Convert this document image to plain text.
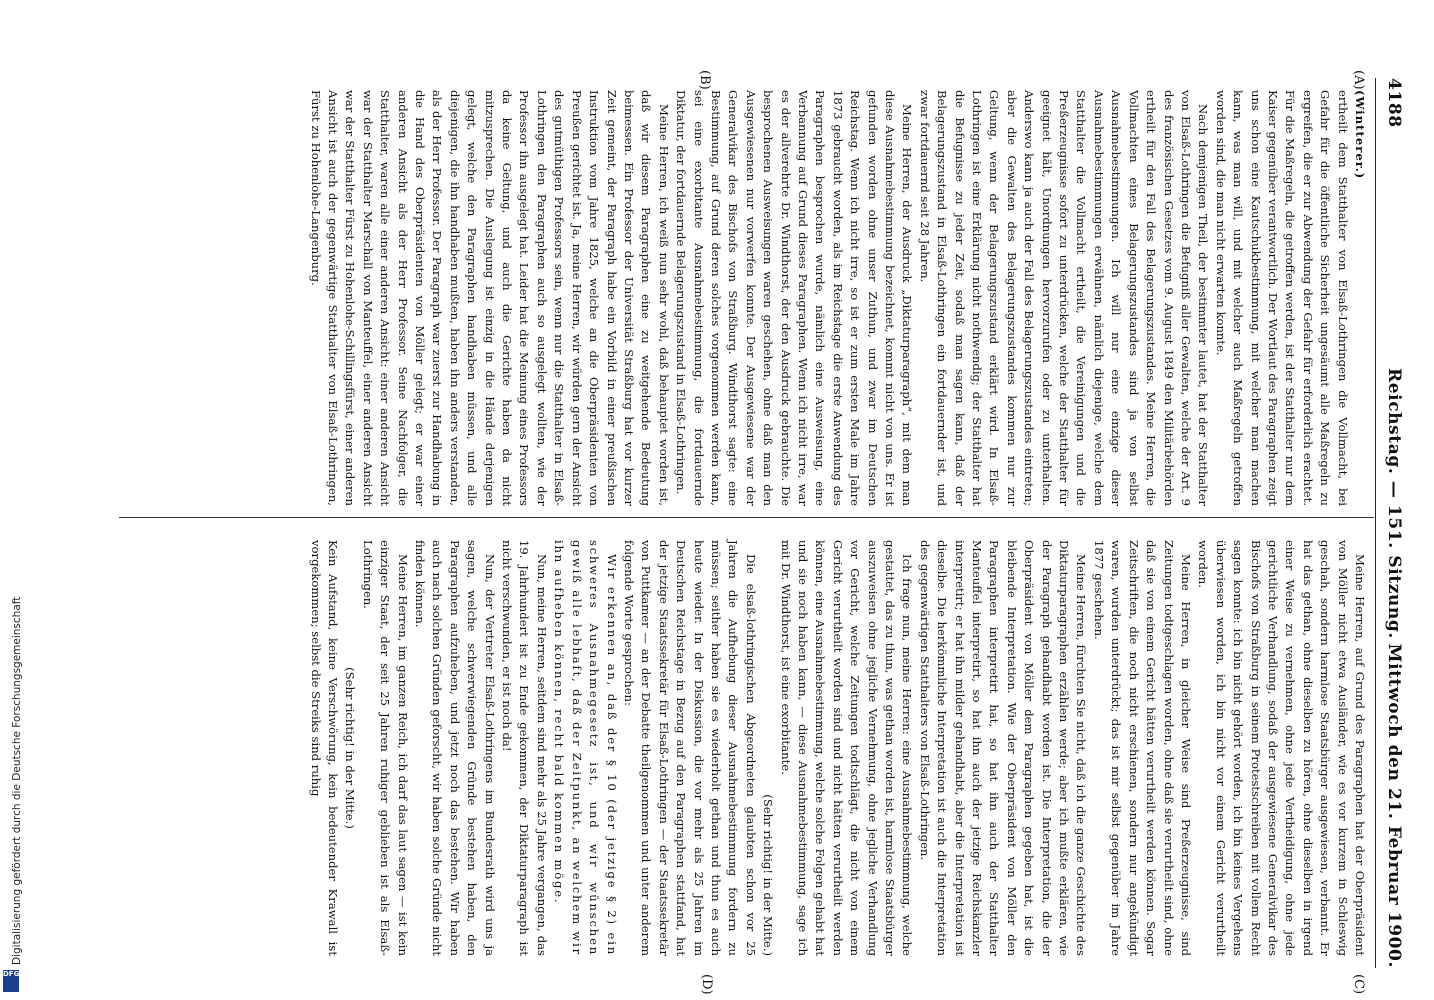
4188
Reichstag. — 151. Sitzung.
Mittwoch den 21. Februar 1900.
(A)
(B)
(C)
(D)

(Wintterer.)

ertheilt dem Statthalter von Elsaß-Lothringen die Vollmacht, bei Gefahr für die öffentliche Sicherheit ungesäumt alle Maßregeln zu ergreifen, die er zur Abwendung der Gefahr für erforderlich erachtet. Für die Maßregeln, die getroffen werden, ist der Statthalter nur dem Kaiser gegenüber verantwortlich. Der Wortlaut des Paragraphen zeigt uns schon eine Kautschukbestimmung, mit welcher man machen kann, was man will, und mit welcher auch Maßregeln getroffen worden sind, die man nicht erwarten konnte.

Nach demjenigen Theil, der bestimmter lautet, hat der Statthalter von Elsaß-Lothringen die Befugniß aller Gewalten, welche der Art. 9 des französischen Gesetzes vom 9. August 1849 den Militärbehörden ertheilt für den Fall des Belagerungszustandes. Meine Herren, die Vollmachten eines Belagerungszustandes sind ja von selbst Ausnahmebestimmungen. Ich will nur eine einzige dieser Ausnahmebestimmungen erwähnen, nämlich diejenige, welche dem Statthalter die Vollmacht ertheilt, die Vereinigungen und die Preßerzeugnisse sofort zu unterdrücken, welche der Statthalter für geeignet hält, Unordnungen hervorzurufen oder zu unterhalten. Anderswo kann ja auch der Fall des Belagerungszustandes eintreten; aber die Gewalten des Belagerungszustandes kommen nur zur Geltung, wenn der Belagerungszustand erklärt wird. In Elsaß-Lothringen ist eine Erklärung nicht nothwendig; der Statthalter hat die Befugnisse zu jeder Zeit, sodaß man sagen kann, daß der Belagerungszustand in Elsaß-Lothringen ein fortdauernder ist, und zwar fortdauernd seit 28 Jahren.

Meine Herren, der Ausdruck „Diktaturparagraph“, mit dem man diese Ausnahmebestimmung bezeichnet, kommt nicht von uns. Er ist gefunden worden ohne unser Zuthun, und zwar im Deutschen Reichstag. Wenn ich nicht irre, so ist er zum ersten Male im Jahre 1873 gebraucht worden, als im Reichstage die erste Anwendung des Paragraphen besprochen wurde, nämlich eine Ausweisung, eine Verbannung auf Grund dieses Paragraphen. Wenn ich nicht irre, war es der allverehrte Dr. Windthorst, der den Ausdruck gebrauchte. Die besprochenen Ausweisungen waren geschehen, ohne daß man den Ausgewiesenen nur vorwerfen konnte. Der Ausgewiesene war der Generalvikar des Bischofs von Straßburg. Windthorst sagte: eine Bestimmung, auf Grund deren solches vorgenommen werden kann, sei eine exorbitante Ausnahmebestimmung, die fortdauernde Diktatur, der fortdauernde Belagerungszustand in Elsaß-Lothringen.

Meine Herren, ich weiß nun sehr wohl, daß behauptet worden ist, daß wir diesem Paragraphen eine zu weitgehende Bedeutung beimessen. Ein Professor der Universität Straßburg hat vor kurzer Zeit gemeint, der Paragraph habe ein Vorbild in einer preußischen Instruktion vom Jahre 1825, welche an die Oberpräsidenten von Preußen gerichtet ist. Ja, meine Herren, wir würden gern der Ansicht des gutmüthigen Professors sein, wenn nur die Statthalter in Elsaß-Lothringen den Paragraphen auch so ausgelegt wollten, wie der Professor ihn ausgelegt hat. Leider hat die Meinung eines Professors da keine Geltung, und auch die Gerichte haben da nicht mitzusprechen. Die Auslegung ist einzig in die Hände derjenigen gelegt, welche den Paragraphen handhaben müssen, und alle diejenigen, die ihn handhaben mußten, haben ihn anders verstanden, als der Herr Professor. Der Paragraph war zuerst zur Handhabung in die Hand des Oberpräsidenten von Möller gelegt; er war einer anderen Ansicht als der Herr Professor. Seine Nachfolger, die Statthalter, waren alle einer anderen Ansicht: einer anderen Ansicht war der Statthalter Marschall von Manteuffel, einer anderen Ansicht war der Statthalter Fürst zu Hohenlohe-Schillingsfürst, einer anderen Ansicht ist auch der gegenwärtige Statthalter von Elsaß-Lothringen, Fürst zu Hohenlohe-Langenburg.

Meine Herren, auf Grund des Paragraphen hat der Oberpräsident von Möller nicht etwa Ausländer, wie es vor kurzem in Schleswig geschah, sondern harmlose Staatsbürger ausgewiesen, verbannt. Er hat das gethan, ohne dieselben zu hören, ohne dieselben in irgend einer Weise zu vernehmen, ohne jede Vertheidigung, ohne jede gerichtliche Verhandlung, sodaß der ausgewiesene Generalvikar des Bischofs von Straßburg in seinem Protestschreiben mit vollem Recht sagen konnte: ich bin nicht gehört worden, ich bin keines Vergehens überwiesen worden, ich bin nicht vor einem Gericht verurtheilt worden.

Meine Herren, in gleicher Weise sind Preßerzeugnisse, sind Zeitungen todtgeschlagen worden, ohne daß sie verurtheilt sind, ohne daß sie von einem Gericht hätten verurtheilt werden können. Sogar Zeitschriften, die noch nicht erschienen, sondern nur angekündigt waren, wurden unterdrückt; das ist mir selbst gegenüber im Jahre 1877 geschehen.

Meine Herren, fürchten Sie nicht, daß ich die ganze Geschichte des Diktaturparagraphen erzählen werde; aber ich mußte erklären, wie der Paragraph gehandhabt worden ist. Die Interpretation, die der Oberpräsident von Möller dem Paragraphen gegeben hat, ist die bleibende Interpretation. Wie der Oberpräsident von Möller den Paragraphen interpretirt hat, so hat ihn auch der Statthalter Manteuffel interpretirt, so hat ihn auch der jetzige Reichskanzler interpretirt; er hat ihn milder gehandhabt, aber die Interpretation ist dieselbe. Die herkömmliche Interpretation ist auch die Interpretation des gegenwärtigen Statthalters von Elsaß-Lothringen.

Ich frage nun, meine Herren: eine Ausnahmebestimmung, welche gestattet, das zu thun, was gethan worden ist, harmlose Staatsbürger auszuweisen ohne jegliche Vernehmung, ohne jegliche Verhandlung vor Gericht, welche Zeitungen todtschlägt, die nicht von einem Gericht verurtheilt worden sind und nicht hätten verurtheilt werden können, eine Ausnahmebestimmung, welche solche Folgen gehabt hat und sie noch haben kann, — diese Ausnahmebestimmung, sage ich mit Dr. Windthorst, ist eine exorbitante.

(Sehr richtig! in der Mitte.)

Die elsaß-lothringischen Abgeordneten glaubten schon vor 25 Jahren die Aufhebung dieser Ausnahmebestimmung fordern zu müssen; seither haben sie es wiederholt gethan und thun es auch heute wieder. In der Diskussion, die vor mehr als 25 Jahren im Deutschen Reichstage in Bezug auf den Paragraphen stattfand, hat der jetzige Staatssekretär für Elsaß-Lothringen — der Staatssekretär von Puttkamer — an der Debatte theilgenommen und unter anderem folgende Worte gesprochen:

Wir erkennen an, daß der § 10 (der jetzige § 2) ein schweres Ausnahmegesetz ist, und wir wünschen gewiß alle lebhaft, daß der Zeitpunkt, an welchem wir ihn aufheben können, recht bald kommen möge.

Nun, meine Herren, seitdem sind mehr als 25 Jahre vergangen, das 19. Jahrhundert ist zu Ende gekommen, der Diktaturparagraph ist nicht verschwunden, er ist noch da!

Nun, der Vertreter Elsaß-Lothringens im Bundesrath wird uns ja sagen, welche schwerwiegenden Gründe bestehen haben, den Paragraphen aufzuheben, und jetzt noch das bestehen. Wir haben auch nach solchen Gründen geforscht, wir haben solche Gründe nicht finden können.

Meine Herren, im ganzen Reich, ich darf das laut sagen — ist kein einziger Staat, der seit 25 Jahren ruhiger geblieben ist als Elsaß-Lothringen.

(Sehr richtig! in der Mitte.)

Kein Aufstand, keine Verschwörung, kein bedeutender Krawall ist vorgekommen; selbst die Streiks sind ruhig

Digitalisierung gefördert durch die Deutsche Forschungsgemeinschaft
DFG
